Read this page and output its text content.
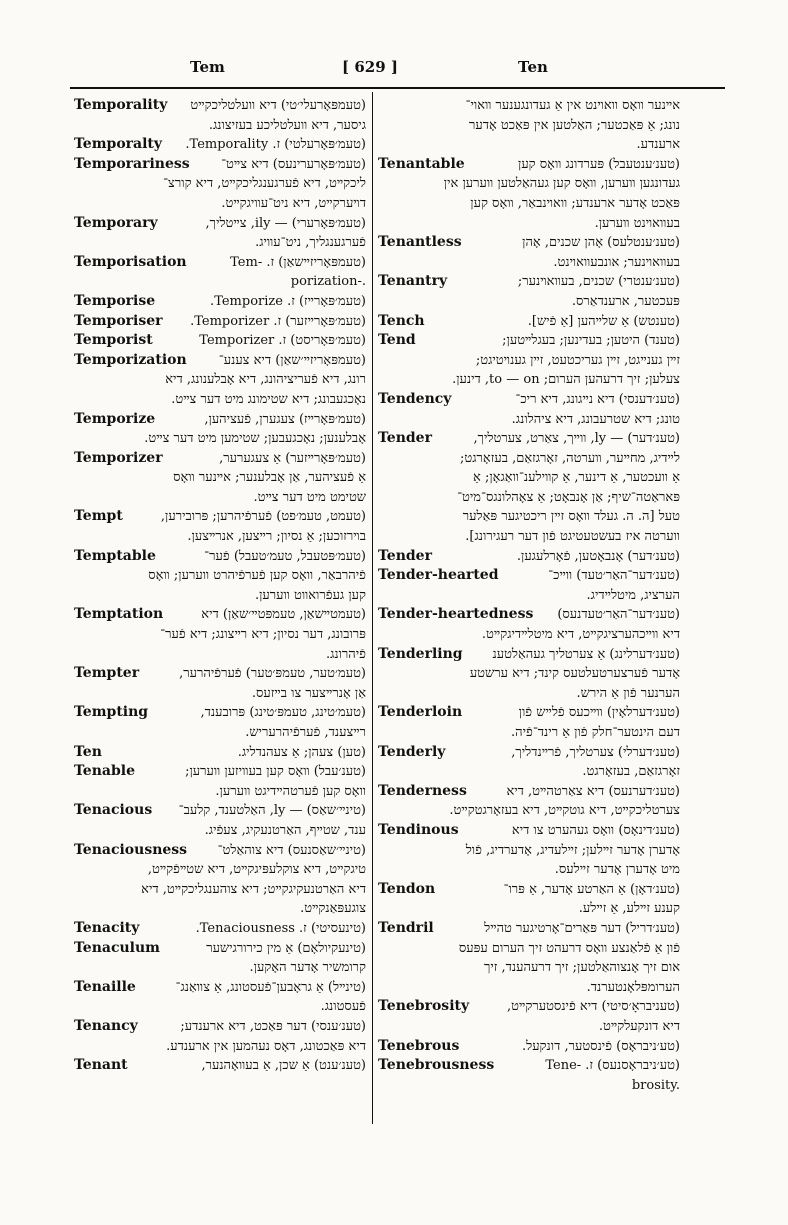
Tem	[ 629 ]	Ten
Temporality	(טעמפּאָרעלי׳טי) דיא װעלטליכקײט
גיסער, דיא װעלטליכע בעזיצונג.
Temporalty	(טעמ׳פּאָרעלטי) ז. Temporality.
Temporariness	(טעמ׳פּאָרערינעס) דיא צײט־
ליכקײט, דיא פֿערגענגליכקײט, דיא קורצ־
דױערקײט, דיא ניט־עװיגקײט.
Temporary	(טעמ׳פּאָרערי) — ily, צײטליך,
פֿערגענגליך, ניט־עװיג.
Temporisation	(טעמפּאָריזײשאַן) ז. -Tem
porization-.
Temporise	(טעמ׳פּאָרײז) ז. Temporize.
Temporiser	(טעמ׳פּאָרײזער) ז. Temporizer.
Temporist	(טעמ׳פּאָריסט) ז. Temporizer
Temporization	(טעמפּאָריזײ׳שאַן) דיא צענע־
רונג, דיא פֿעריציהונג, דיא אָבלענונג, דיא
נאָכגעבונג; דיא שטימונג מיט דער צײט.
Temporize	(טעמ׳פּאָרײז) צעגערן, פֿעציהען,
אָבלענען; נאָכגעבען; שטימען מיט דער צײט.
Temporizer	(טעמ׳פּאָרײזער) אַ צעגערער,
אַ פֿעציהער, אַן אָבלענער; אײנער װאָס
שטימט מיט דער צײט.
Tempt	(טעמט, טעמ׳פט) פֿערפֿיהרען; פּרובירען,
בױרזוכען; אַ נסיון; רײצען, אנרײצען.
Temptable	(טעמ׳פּטעבל, טעמ׳טעבל) פֿער־
פֿיהרבאַר, װאָס קען פֿערפֿיהרט װערען; װאָס
קען געפֿרואװט װערען.
Temptation	(טעמטײשאַן, טעמפּטײ׳שאַן) דיא
פּרובונג, דער נסיון; דיא רײצונג; דיא פֿער־
פֿיהרונג.
Tempter	(טעמ׳טער, טעמפּ׳טער) פֿערפֿיהרער,
אַן אָנרײצער צו בײזעס.
Tempting	(טעמ׳טינג, טעמפּ׳טינג) פּרובענד,
רײצענד, פֿערפֿיהרעריש.
Ten	(טען) צעהן; אַ צעהנדליג.
Tenable	(טענ׳עבל) װאָס קען בעװיזען װערען;
װאָס קען פֿערטהײדיגט װערען.
Tenacious	(טינײ׳שאַס) — ly, האַלטענד, קלעב־
ענד, שטײף, האַרטנעקיג, צעפֿיג.
Tenaciousness	(טינײ׳שאַסנעס) דיא צוהאַלט־
טיגקײט, דיא צוקלעפּיגקײט, דיא שטײפֿקײט,
דיא האַרטנעקיגקײט; דיא צוהענגליכקײט, דיא
צוגעפּאַנקײט.
Tenacity	(טינעסיטי) ז. Tenaciousness.
Tenaculum	(טינעקיולאָם) אַ מין כירורגישער
קרומשיר אָדער האָקען.
Tenaille	(טינײל) אַ גראָבען־פֿעסטונג, אַ צװאַנג־
פֿעסטונג.
Tenancy	(טענ׳ענסי) דער פּאַכט, דיא ארענדע;
דיא פּאַכטונג, דאָס נעהמען אין ארענדע.
Tenant	(טענ׳ענט) אַ שכן, אַ בעװאָהנער,
אײנער װאָס װאױנט אין אַ געדונגענער װאוי־
נונג; אַ פּאַכטער; האַלטען אין פּאַכט אָדער
ארענדע.
Tenantable	(טענ׳ענטעבל) פּערדונג װאָס קען
געדונגען װערען, װאָס קען געהאַלטען װערען אין
פּאַכט אָדער ארענדע; װאױנבאַר, װאָס קען
בעװאױנט װערען.
Tenantless	(טענ׳ענטלעס) אָהן שכנים, אָהן
בעװאױנער; אונבעװאױנט.
Tenantry	(טענ׳ענטרי) שכנים, בעװאױנער;
פּעכטער, ארענדאַרס.
Tench	(טענטש) אַ שלײהען [אַ פֿיש].
Tend	(טענד) היטען; בעדינען; בעגלײטען;
זײן גענײגט, זײן געריכטעט, זײן גענױטיגט;
צעלען; זיך דרעהען הערום; to — on, דינען.
Tendency	(טענ׳דענסי) דיא נײגונג, דיא ריכ־
טונג; דיא שטרעבונג, דיא ציהלונג.
Tender	(טענ׳דער) — ly, װײך, צאַרט, צערטליך,
לײדיג, מחײער, װערטה, זאָרגזאַם, בעזאָרגט;
אַ װעכטער, אַ דינער, אַ קװילענ־װאַגאָן; אַ
פּאראַטה־שיף; אַן אָנבאָט; אַ צאָהלונגס־מיט־
טעל [ה. ה. געלד װאָס זײן ריכטיגער פּאַלער
װערטה איז בעשטעטיגט פֿון דער רעגירונג].
Tender	(טענ׳דער) אָנבאָטען, פֿאָרלעגען.
Tender-hearted	(טענ׳דער־האַר׳טעד) װײכ־
הערציג, מיטלײדיג.
Tender-heartedness	(טענ׳דער־האַר׳טעדנעס)
דיא װײכהערציגקײט, דיא מיטלײדיגקײט.
Tenderling	(טענ׳דערלינג) אַ צערטליך געהאַלטענ
אָדער פֿערצערטעלטעס קינד; דיא ערשטע
הערנער פֿון אַ הירש.
Tenderloin	(טענ׳דערלאָין) װײכעס פֿלײש פֿון
דעם הינטער־חלק פֿון אַ רינד־פֿיה.
Tenderly	(טענ׳דערלי) צערטליך, פֿרײנדליך,
זאָרגזאַם, בעזאָרגט.
Tenderness	(טענ׳דערנעס) דיא צאַרטהײט, דיא
צערטליכקײט, דיא גוטקײט, דיא בעזאָרגטקײט.
Tendinous	(טענ׳דינאָס) װאָס געהערט צו דיא
אָדערן אָדער זײלען; זײלעדיג, אָדערדיג, פֿול
מיט אָדערן אָדער זײלעס.
Tendon	(טענ׳דאָן) אַ האַרטע אָדער, אַ פּרו־
קענע זײלע, אַ זײלע.
Tendril	(טענ׳דריל) דער פּאַרים־אָרטיגער טהײל
פֿון אַ פֿלאַנצע װאָס דרעהט זיך הערום עפּעס
אום זיך אָנצוהאַלטען; זיך דרעהענד, זיך
הערומפּלאָנטערנד.
Tenebrosity	(טעניבראָ׳סיטי) דיא פֿינסטערקײט,
דיא דונקעלקײט.
Tenebrous	(טע׳ניבראָס) פֿינסטער, דונקעל.
Tenebrousness	(טע׳ניבראָסנעס) ז. -Tene
brosity.
